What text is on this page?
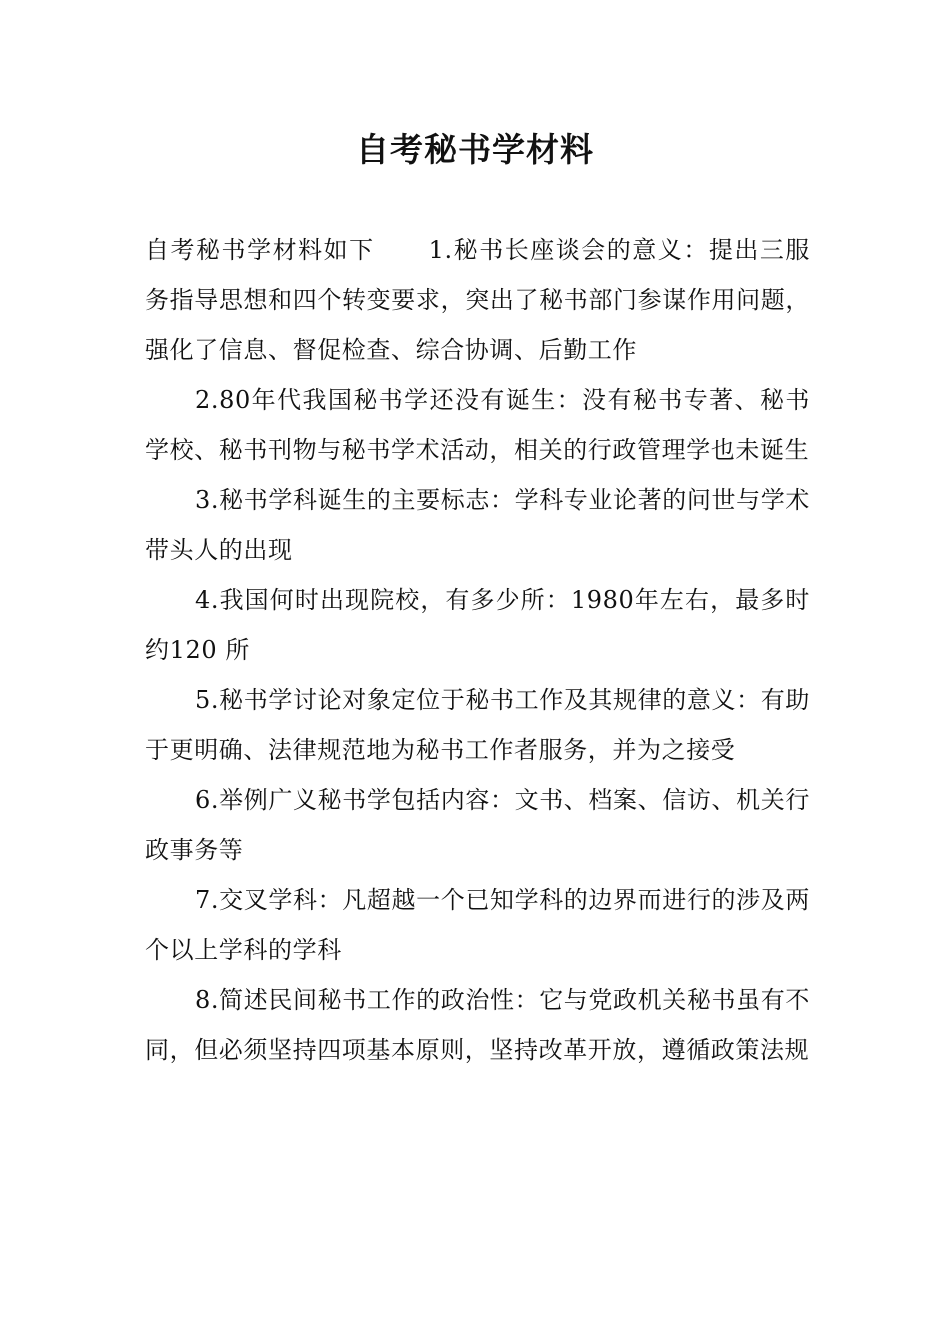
自考秘书学材料

自考秘书学材料如下 1.秘书长座谈会的意义：提出三服务指导思想和四个转变要求，突出了秘书部门参谋作用问题，强化了信息、督促检查、综合协调、后勤工作

2.80年代我国秘书学还没有诞生：没有秘书专著、秘书学校、秘书刊物与秘书学术活动，相关的行政管理学也未诞生

3.秘书学科诞生的主要标志：学科专业论著的问世与学术带头人的出现

4.我国何时出现院校，有多少所：1980年左右，最多时约120 所

5.秘书学讨论对象定位于秘书工作及其规律的意义：有助于更明确、法律规范地为秘书工作者服务，并为之接受

6.举例广义秘书学包括内容：文书、档案、信访、机关行政事务等

7.交叉学科：凡超越一个已知学科的边界而进行的涉及两个以上学科的学科

8.简述民间秘书工作的政治性：它与党政机关秘书虽有不同，但必须坚持四项基本原则，坚持改革开放，遵循政策法规
